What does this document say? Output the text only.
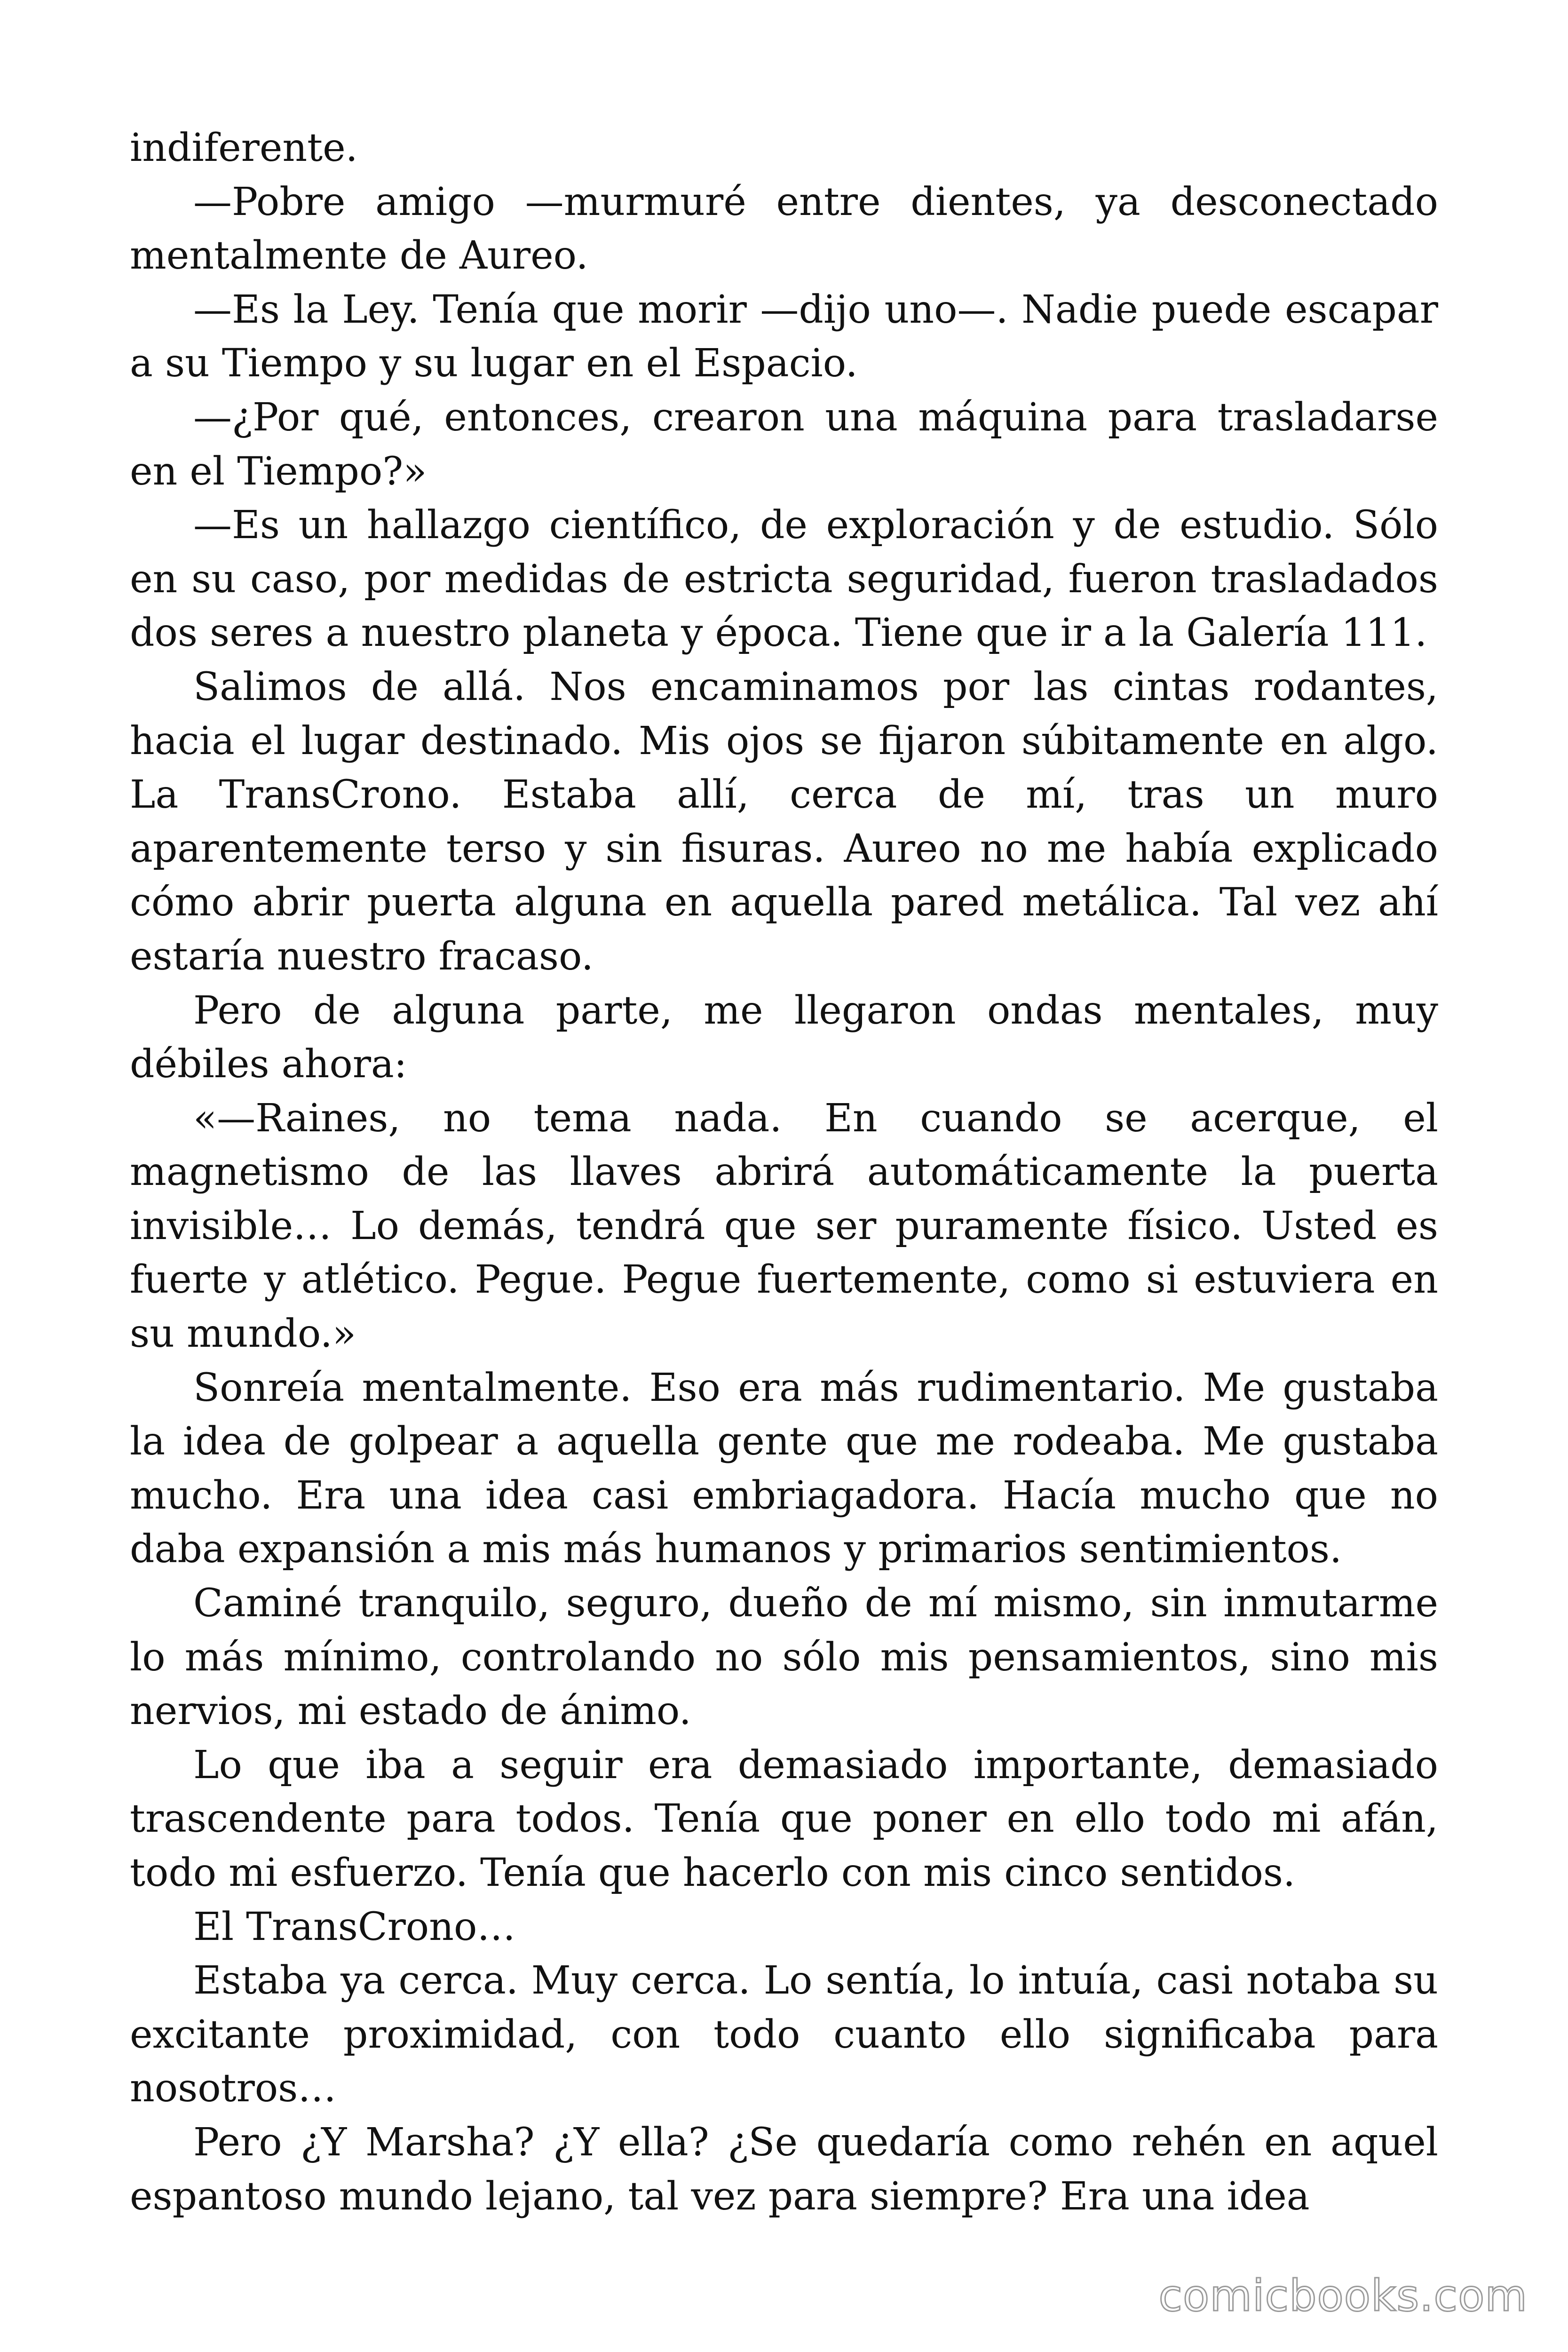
indiferente.

—Pobre amigo —murmuré entre dientes, ya desconectado mentalmente de Aureo.

—Es la Ley. Tenía que morir —dijo uno—. Nadie puede escapar a su Tiempo y su lugar en el Espacio.

—¿Por qué, entonces, crearon una máquina para trasladarse en el Tiempo?»

—Es un hallazgo científico, de exploración y de estudio. Sólo en su caso, por medidas de estricta seguridad, fueron trasladados dos seres a nuestro planeta y época. Tiene que ir a la Galería 111.

Salimos de allá. Nos encaminamos por las cintas rodantes, hacia el lugar destinado. Mis ojos se fijaron súbitamente en algo. La TransCrono. Estaba allí, cerca de mí, tras un muro aparentemente terso y sin fisuras. Aureo no me había explicado cómo abrir puerta alguna en aquella pared metálica. Tal vez ahí estaría nuestro fracaso.

Pero de alguna parte, me llegaron ondas mentales, muy débiles ahora:

«—Raines, no tema nada. En cuando se acerque, el magnetismo de las llaves abrirá automáticamente la puerta invisible… Lo demás, tendrá que ser puramente físico. Usted es fuerte y atlético. Pegue. Pegue fuertemente, como si estuviera en su mundo.»

Sonreía mentalmente. Eso era más rudimentario. Me gustaba la idea de golpear a aquella gente que me rodeaba. Me gustaba mucho. Era una idea casi embriagadora. Hacía mucho que no daba expansión a mis más humanos y primarios sentimientos.

Caminé tranquilo, seguro, dueño de mí mismo, sin inmutarme lo más mínimo, controlando no sólo mis pensamientos, sino mis nervios, mi estado de ánimo.

Lo que iba a seguir era demasiado importante, demasiado trascendente para todos. Tenía que poner en ello todo mi afán, todo mi esfuerzo. Tenía que hacerlo con mis cinco sentidos.

El TransCrono…

Estaba ya cerca. Muy cerca. Lo sentía, lo intuía, casi notaba su excitante proximidad, con todo cuanto ello significaba para nosotros…

Pero ¿Y Marsha? ¿Y ella? ¿Se quedaría como rehén en aquel espantoso mundo lejano, tal vez para siempre? Era una idea

comicbooks.com
